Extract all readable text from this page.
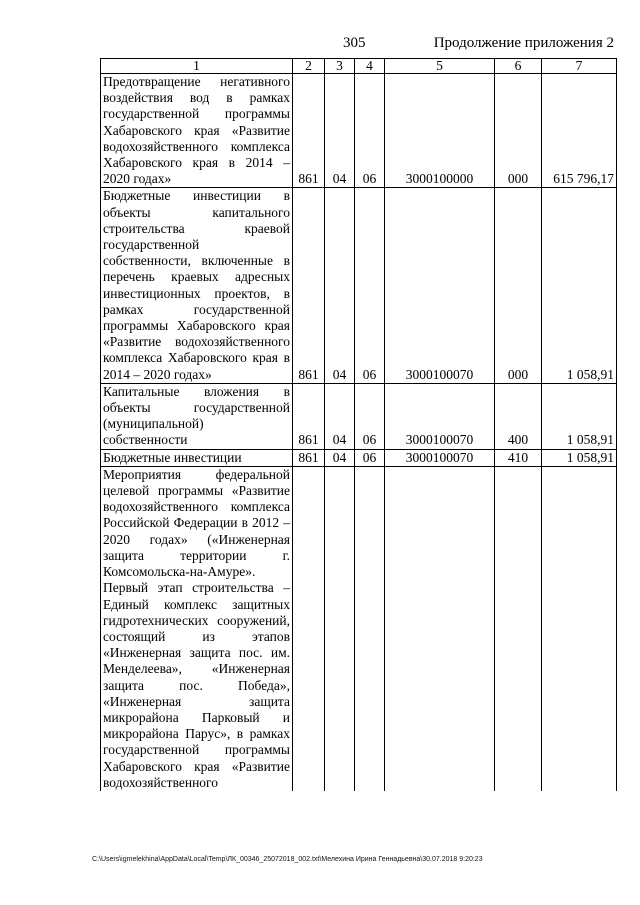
305	Продолжение приложения 2
1	2	3	4	5	6	7
Предотвращение негативного воздействия вод в рамках государственной программы Хабаровского края «Развитие водохозяйственного комплекса Хабаровского края в 2014 – 2020 годах»	861	04	06	3000100000	000	615 796,17
Бюджетные инвестиции в объекты капитального строительства краевой государственной собственности, включенные в перечень краевых адресных инвестиционных проектов, в рамках государственной программы Хабаровского края «Развитие водохозяйственного комплекса Хабаровского края в 2014 – 2020 годах»	861	04	06	3000100070	000	1 058,91
Капитальные вложения в объекты государственной (муниципальной) собственности	861	04	06	3000100070	400	1 058,91
Бюджетные инвестиции	861	04	06	3000100070	410	1 058,91
Мероприятия федеральной целевой программы «Развитие водохозяйственного комплекса Российской Федерации в 2012 – 2020 годах» («Инженерная защита территории г. Комсомольска-на-Амуре». Первый этап строительства – Единый комплекс защитных гидротехнических сооружений, состоящий из этапов «Инженерная защита пос. им. Менделеева», «Инженерная защита пос. Победа», «Инженерная защита микрорайона Парковый и микрорайона Парус», в рамках государственной программы Хабаровского края «Развитие водохозяйственного						
C:\Users\igmelekhina\AppData\Local\Temp\ЛК_00346_25072018_002.txt\Мелехина Ирина Геннадьевна\30.07.2018 9:20:23
